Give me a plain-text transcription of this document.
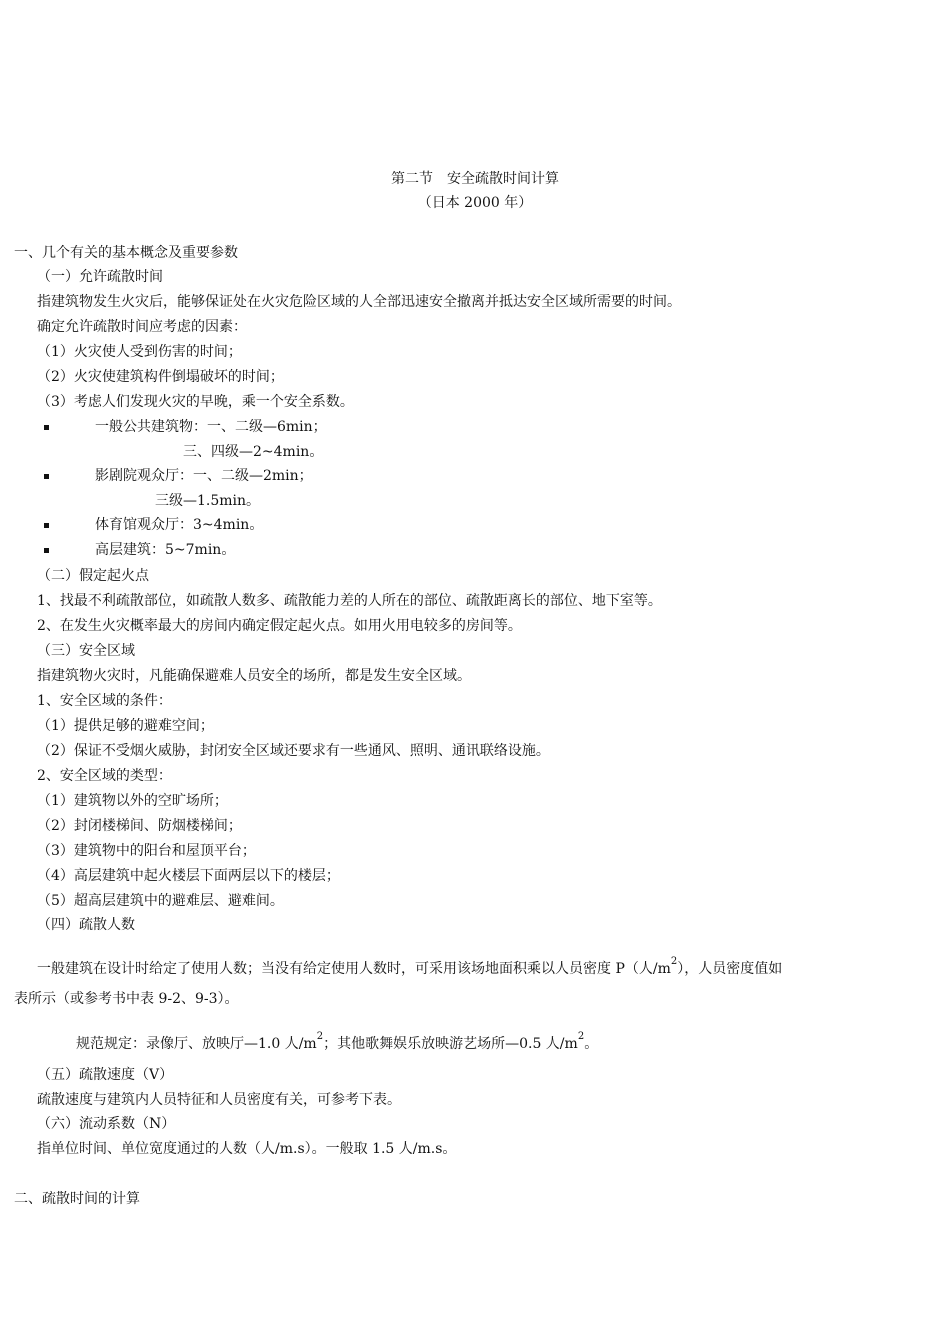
第二节　安全疏散时间计算
（日本 2000 年）
一、几个有关的基本概念及重要参数
（一）允许疏散时间
指建筑物发生火灾后，能够保证处在火灾危险区域的人全部迅速安全撤离并抵达安全区域所需要的时间。
确定允许疏散时间应考虑的因素：
（1）火灾使人受到伤害的时间；
（2）火灾使建筑构件倒塌破坏的时间；
（3）考虑人们发现火灾的早晚，乘一个安全系数。
一般公共建筑物：一、二级—6min；
三、四级—2~4min。
影剧院观众厅：一、二级—2min；
三级—1.5min。
体育馆观众厅：3~4min。
高层建筑：5~7min。
（二）假定起火点
1、找最不利疏散部位，如疏散人数多、疏散能力差的人所在的部位、疏散距离长的部位、地下室等。
2、在发生火灾概率最大的房间内确定假定起火点。如用火用电较多的房间等。
（三）安全区域
指建筑物火灾时，凡能确保避难人员安全的场所，都是发生安全区域。
1、安全区域的条件：
（1）提供足够的避难空间；
（2）保证不受烟火威胁，封闭安全区域还要求有一些通风、照明、通讯联络设施。
2、安全区域的类型：
（1）建筑物以外的空旷场所；
（2）封闭楼梯间、防烟楼梯间；
（3）建筑物中的阳台和屋顶平台；
（4）高层建筑中起火楼层下面两层以下的楼层；
（5）超高层建筑中的避难层、避难间。
（四）疏散人数
一般建筑在设计时给定了使用人数；当没有给定使用人数时，可采用该场地面积乘以人员密度 P（人$/m^2$），人员密度值如
表所示（或参考书中表 9-2、9-3）。
规范规定：录像厅、放映厅—1.0 人$/m^2$；其他歌舞娱乐放映游艺场所—0.5 人$/m^2$。
（五）疏散速度（V）
疏散速度与建筑内人员特征和人员密度有关，可参考下表。
（六）流动系数（N）
指单位时间、单位宽度通过的人数（人/m.s）。一般取 1.5 人/m.s。
二、疏散时间的计算
